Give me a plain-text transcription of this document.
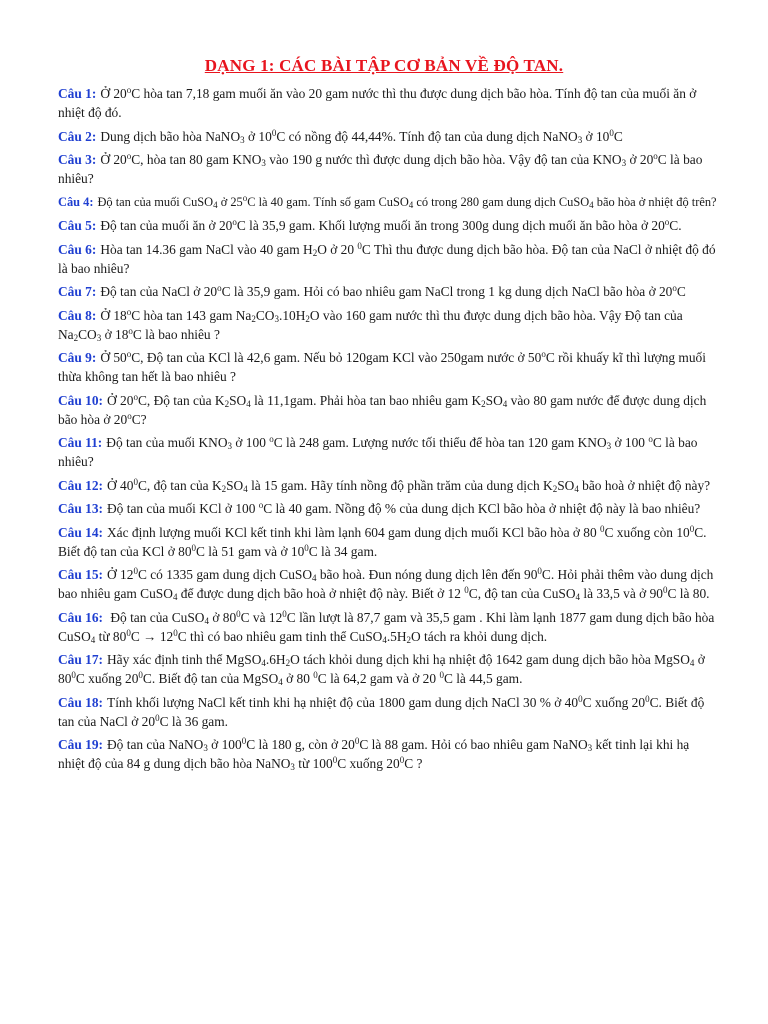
DẠNG 1: CÁC BÀI TẬP CƠ BẢN VỀ ĐỘ TAN.

Câu 1: Ở 20$^o$C hòa tan 7,18 gam muối ăn vào 20 gam nước thì thu được dung dịch bão hòa. Tính độ tan của muối ăn ở nhiệt độ đó.

Câu 2: Dung dịch bão hòa NaNO$_3$ ở $10^0C$ có nồng độ 44,44%. Tính độ tan của dung dịch NaNO$_3$ ở $10^0C$

Câu 3: Ở 20$^o$C, hòa tan 80 gam $KNO_3$ vào 190 g nước thì được dung dịch bão hòa. Vậy độ tan của $KNO_3$ ở 20$^o$C là bao nhiêu?

Câu 4: Độ tan của muối CuSO$_4$ ở 25$^o$C là 40 gam. Tính số gam CuSO$_4$ có trong 280 gam dung dịch CuSO$_4$ bão hòa ở nhiệt độ trên?

Câu 5: Độ tan của muối ăn ở 20$^o$C là 35,9 gam. Khối lượng muối ăn trong 300g dung dịch muối ăn bão hòa ở 20$^o$C.

Câu 6: Hòa tan 14.36 gam NaCl vào 40 gam $H_2O$ ở 20 $^0$C Thì thu được dung dịch bão hòa. Độ tan của NaCl ở nhiệt độ đó là bao nhiêu?

Câu 7: Độ tan của NaCl ở 20$^o$C là 35,9 gam. Hỏi có bao nhiêu gam NaCl trong 1 kg dung dịch NaCl bão hòa ở 20$^o$C

Câu 8: Ở 18$^o$C hòa tan 143 gam $Na_2CO_3.10H_2O$ vào 160 gam nước thì thu được dung dịch bão hòa. Vậy Độ tan của $Na_2CO_3$ ở 18$^o$C là bao nhiêu ?

Câu 9: Ở 50$^o$C, Độ tan của KCl là 42,6 gam. Nếu bỏ 120gam KCl vào 250gam nước ở 50$^o$C rồi khuấy kĩ thì lượng muối thừa không tan hết là bao nhiêu ?

Câu 10: Ở 20$^o$C, Độ tan của $K_2SO_4$ là 11,1gam. Phải hòa tan bao nhiêu gam $K_2SO_4$ vào 80 gam nước để được dung dịch bão hòa ở 20$^o$C?

Câu 11: Độ tan của muối $KNO_3$ ở 100 $^o$C là 248 gam. Lượng nước tối thiểu để hòa tan 120 gam $KNO_3$ ở 100 $^o$C là bao nhiêu?

Câu 12: Ở $40^0C$, độ tan của $K_2SO_4$ là 15 gam. Hãy tính nồng độ phần trăm của dung dịch $K_2SO_4$ bão hoà ở nhiệt độ này?

Câu 13: Độ tan của muối KCl ở 100 $^o$C là 40 gam. Nồng độ % của dung dịch KCl bão hòa ở nhiệt độ này là bao nhiêu?

Câu 14: Xác định lượng muối KCl kết tinh khi làm lạnh 604 gam dung dịch muối KCl bão hòa ở 80 $^0$C xuống còn $10^0C$. Biết độ tan của KCl ở $80^0C$ là 51 gam và ở $10^0C$ là 34 gam.

Câu 15: Ở $12^0C$ có 1335 gam dung dịch CuSO$_4$ bão hoà. Đun nóng dung dịch lên đến $90^0C$. Hỏi phải thêm vào dung dịch bao nhiêu gam CuSO$_4$ để được dung dịch bão hoà ở nhiệt độ này. Biết ở 12 $^0$C, độ tan của CuSO$_4$ là 33,5 và ở $90^0C$ là 80.

Câu 16: Độ tan của CuSO$_4$ ở $80^0C$ và $12^0C$ lần lượt là 87,7 gam và 35,5 gam . Khi làm lạnh 1877 gam dung dịch bão hòa CuSO$_4$ từ $80^0C \to 12^0C$ thì có bao nhiêu gam tinh thể $CuSO_4.5H_2O$ tách ra khỏi dung dịch.

Câu 17: Hãy xác định tinh thể $MgSO_4.6H_2O$ tách khỏi dung dịch khi hạ nhiệt độ 1642 gam dung dịch bão hòa MgSO$_4$ ở $80^0C$ xuống $20^0C$. Biết độ tan của MgSO$_4$ ở 80 $^0$C là 64,2 gam và ở 20 $^0$C là 44,5 gam.

Câu 18: Tính khối lượng NaCl kết tinh khi hạ nhiệt độ của 1800 gam dung dịch NaCl 30 % ở $40^0C$ xuống $20^0C$. Biết độ tan của NaCl ở $20^0C$ là 36 gam.

Câu 19: Độ tan của NaNO$_3$ ở $100^0C$ là 180 g, còn ở $20^0C$ là 88 gam. Hỏi có bao nhiêu gam NaNO$_3$ kết tinh lại khi hạ nhiệt độ của 84 g dung dịch bão hòa NaNO$_3$ từ $100^0C$ xuống $20^0C$ ?
